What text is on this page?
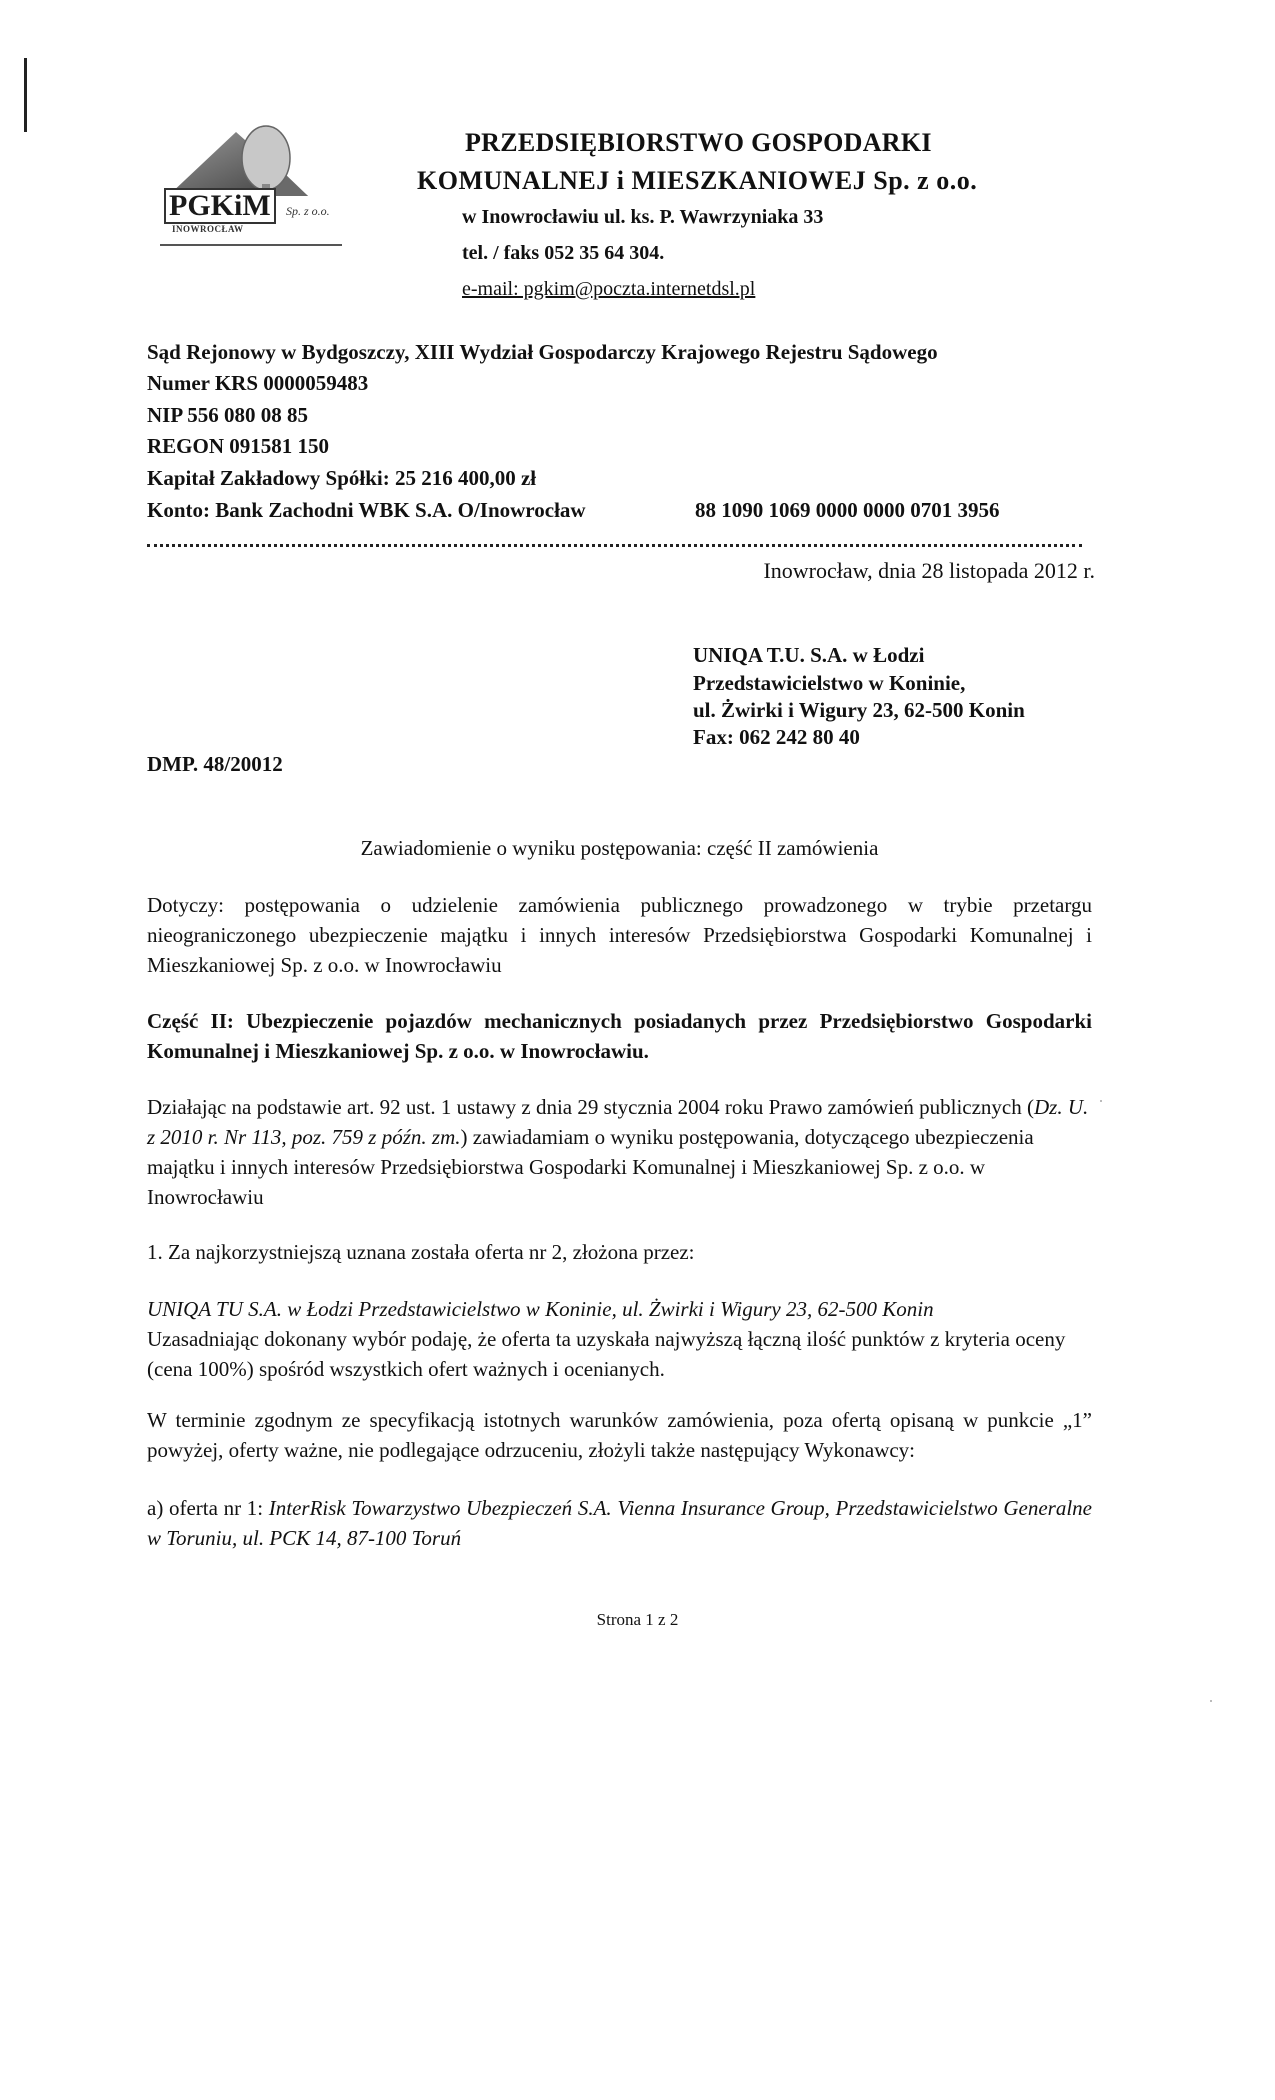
PGKiM
INOWROCŁAW
Sp. z o.o.
PRZEDSIĘBIORSTWO GOSPODARKI
KOMUNALNEJ i MIESZKANIOWEJ Sp. z o.o.
w Inowrocławiu ul. ks. P. Wawrzyniaka 33
tel. / faks 052 35 64 304.
e-mail: pgkim@poczta.internetdsl.pl
Sąd Rejonowy w Bydgoszczy, XIII Wydział Gospodarczy Krajowego Rejestru Sądowego
Numer KRS 0000059483
NIP 556 080 08 85
REGON 091581 150
Kapitał Zakładowy Spółki: 25 216 400,00 zł
Konto: Bank Zachodni WBK S.A. O/Inowrocław	88 1090 1069 0000 0000 0701 3956
Inowrocław, dnia 28 listopada 2012 r.
UNIQA T.U. S.A. w Łodzi
Przedstawicielstwo w Koninie,
ul. Żwirki i Wigury 23, 62-500 Konin
Fax: 062 242 80 40
DMP. 48/20012
Zawiadomienie o wyniku postępowania: część II zamówienia
Dotyczy: postępowania o udzielenie zamówienia publicznego prowadzonego w trybie przetargu nieograniczonego ubezpieczenie majątku i innych interesów Przedsiębiorstwa Gospodarki Komunalnej i Mieszkaniowej Sp. z o.o. w Inowrocławiu
Część II: Ubezpieczenie pojazdów mechanicznych posiadanych przez Przedsiębiorstwo Gospodarki Komunalnej i Mieszkaniowej Sp. z o.o. w Inowrocławiu.
Działając na podstawie art. 92 ust. 1 ustawy z dnia 29 stycznia 2004 roku Prawo zamówień publicznych (Dz. U. z 2010 r. Nr 113, poz. 759 z późn. zm.) zawiadamiam o wyniku postępowania, dotyczącego ubezpieczenia majątku i innych interesów Przedsiębiorstwa Gospodarki Komunalnej i Mieszkaniowej Sp. z o.o. w Inowrocławiu
1. Za najkorzystniejszą uznana została oferta nr 2, złożona przez:
UNIQA TU S.A. w Łodzi Przedstawicielstwo w Koninie, ul. Żwirki i Wigury 23, 62-500 Konin
Uzasadniając dokonany wybór podaję, że oferta ta uzyskała najwyższą łączną ilość punktów z kryteria oceny (cena 100%) spośród wszystkich ofert ważnych i ocenianych.
W terminie zgodnym ze specyfikacją istotnych warunków zamówienia, poza ofertą opisaną w punkcie „1” powyżej, oferty ważne, nie podlegające odrzuceniu, złożyli także następujący Wykonawcy:
a) oferta nr 1: InterRisk Towarzystwo Ubezpieczeń S.A. Vienna Insurance Group, Przedstawicielstwo Generalne w Toruniu, ul. PCK 14, 87-100 Toruń
Strona 1 z 2
